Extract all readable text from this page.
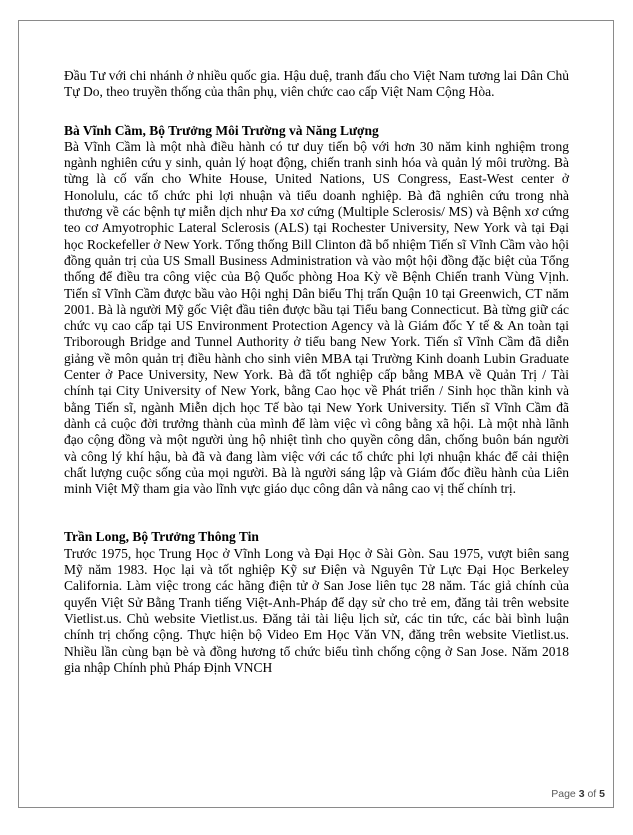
Đầu Tư với chi nhánh ở nhiều quốc gia. Hậu duệ, tranh đấu cho Việt Nam tương lai Dân Chủ Tự Do, theo truyền thống của thân phụ, viên chức cao cấp Việt Nam Cộng Hòa.

Bà Vĩnh Cầm, Bộ Trưởng Môi Trường và Năng Lượng

Bà Vĩnh Cầm là một nhà điều hành có tư duy tiến bộ với hơn 30 năm kinh nghiệm trong ngành nghiên cứu y sinh, quản lý hoạt động, chiến tranh sinh hóa và quản lý môi trường. Bà từng là cố vấn cho White House, United Nations, US Congress, East-West center ở Honolulu, các tổ chức phi lợi nhuận và tiểu doanh nghiệp. Bà đã nghiên cứu trong nhà thương về các bệnh tự miễn dịch như Đa xơ cứng (Multiple Sclerosis/ MS) và Bệnh xơ cứng teo cơ Amyotrophic Lateral Sclerosis (ALS) tại Rochester University, New York và tại Đại học Rockefeller ở New York. Tổng thống Bill Clinton đã bổ nhiệm Tiến sĩ Vĩnh Cầm vào hội đồng quản trị của US Small Business Administration và vào một hội đồng đặc biệt của Tổng thống để điều tra công việc của Bộ Quốc phòng Hoa Kỳ về Bệnh Chiến tranh Vùng Vịnh. Tiến sĩ Vĩnh Cầm được bầu vào Hội nghị Dân biểu Thị trấn Quận 10 tại Greenwich, CT năm 2001. Bà là người Mỹ gốc Việt đầu tiên được bầu tại Tiểu bang Connecticut. Bà từng giữ các chức vụ cao cấp tại US Environment Protection Agency và là Giám đốc Y tế & An toàn tại Triborough Bridge and Tunnel Authority ở tiểu bang New York. Tiến sĩ Vĩnh Cầm đã diễn giảng về môn quản trị điều hành cho sinh viên MBA tại Trường Kinh doanh Lubin Graduate Center ở Pace University, New York. Bà đã tốt nghiệp cấp bằng MBA về Quản Trị / Tài chính tại City University of New York, bằng Cao học về Phát triển / Sinh học thần kinh và bằng Tiến sĩ, ngành Miễn dịch học Tế bào tại New York University. Tiến sĩ Vĩnh Cầm đã dành cả cuộc đời trưởng thành của mình để làm việc vì công bằng xã hội. Là một nhà lãnh đạo cộng đồng và một người ủng hộ nhiệt tình cho quyền công dân, chống buôn bán người và công lý khí hậu, bà đã và đang làm việc với các tổ chức phi lợi nhuận khác để cải thiện chất lượng cuộc sống của mọi người. Bà là người sáng lập và Giám đốc điều hành của Liên minh Việt Mỹ tham gia vào lĩnh vực giáo dục công dân và nâng cao vị thế chính trị.

Trần Long, Bộ Trưởng Thông Tin

Trước 1975, học Trung Học ở Vĩnh Long và Đại Học ở Sài Gòn. Sau 1975, vượt biên sang Mỹ năm 1983. Học lại và tốt nghiệp Kỹ sư Điện và Nguyên Tử Lực Đại Học Berkeley California. Làm việc trong các hãng điện tử ở San Jose liên tục 28 năm. Tác giả chính của quyển Việt Sử Bằng Tranh tiếng Việt-Anh-Pháp để dạy sử cho trẻ em, đăng tải trên website Vietlist.us. Chủ website Vietlist.us. Đăng tải tài liệu lịch sử, các tin tức, các bài bình luận chính trị chống cộng. Thực hiện bộ Video Em Học Văn VN, đăng trên website Vietlist.us. Nhiều lần cùng bạn bè và đồng hương tổ chức biểu tình chống cộng ở San Jose. Năm 2018 gia nhập Chính phủ Pháp Định VNCH

Page 3 of 5
